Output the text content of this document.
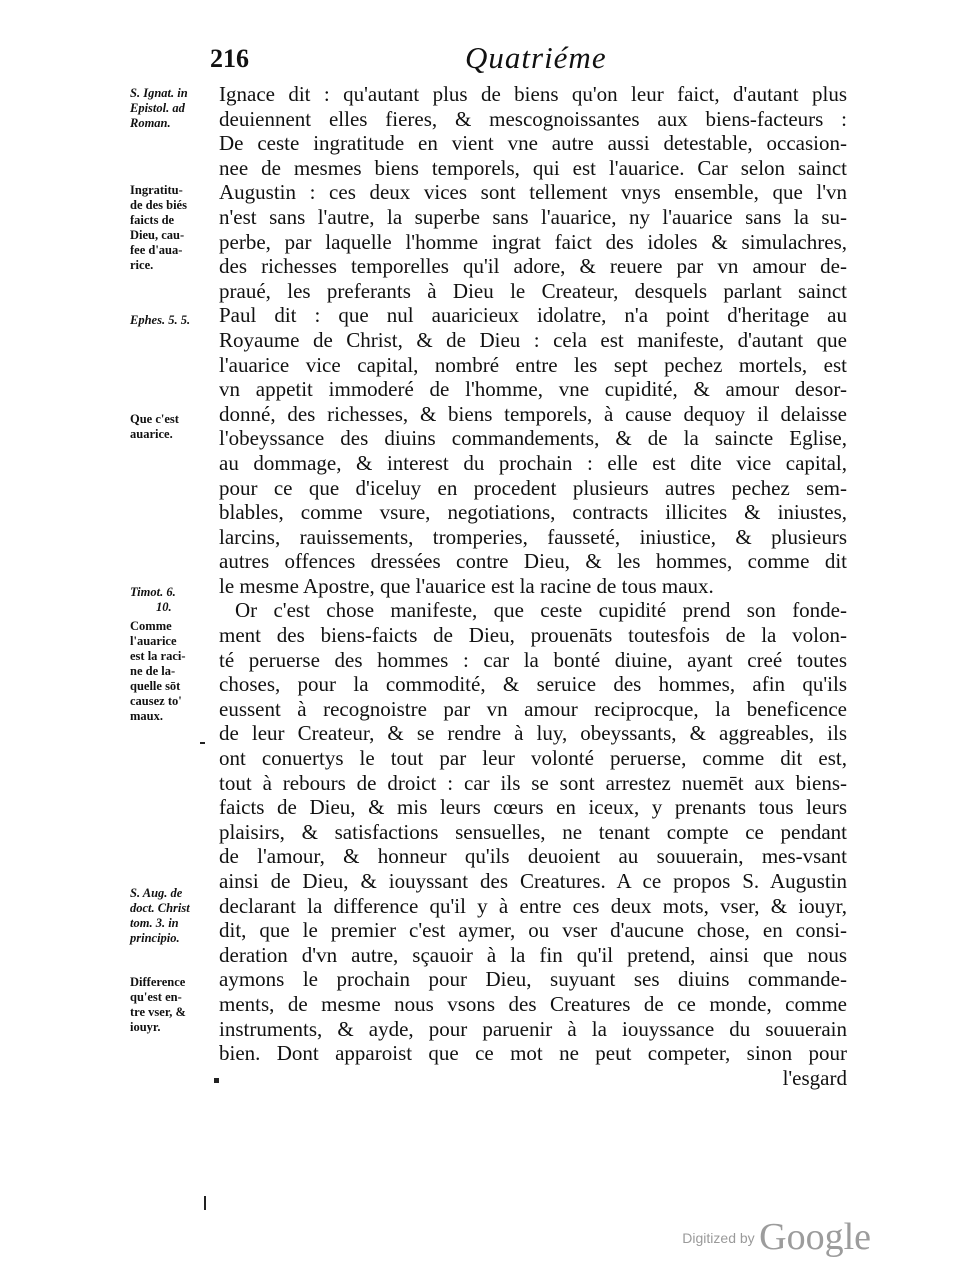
216	Quatriéme
S. Ignat. in
Epistol. ad
Roman.
Ingratitu-
de des biés
faicts de
Dieu, cau-
fee d'aua-
rice.
Ephes. 5. 5.
Que c'est
auarice.
Timot. 6.
10.
Comme
l'auarice
est la raci-
ne de la-
quelle sōt
causez to'
maux.
S. Aug. de
doct. Christ
tom. 3. in
principio.
Difference
qu'est en-
tre vser, &
iouyr.
Ignace dit : qu'autant plus de biens qu'on leur faict, d'autant plus
deuiennent elles fieres, & mescognoissantes aux biens-facteurs :
De ceste ingratitude en vient vne autre aussi detestable, occasion-
nee de mesmes biens temporels, qui est l'auarice. Car selon sainct
Augustin : ces deux vices sont tellement vnys ensemble, que l'vn
n'est sans l'autre, la superbe sans l'auarice, ny l'auarice sans la su-
perbe, par laquelle l'homme ingrat faict des idoles & simulachres,
des richesses temporelles qu'il adore, & reuere par vn amour de-
praué, les preferants à Dieu le Createur, desquels parlant sainct
Paul dit : que nul auaricieux idolatre, n'a point d'heritage au
Royaume de Christ, & de Dieu : cela est manifeste, d'autant que
l'auarice vice capital, nombré entre les sept pechez mortels, est
vn appetit immoderé de l'homme, vne cupidité, & amour desor-
donné, des richesses, & biens temporels, à cause dequoy il delaisse
l'obeyssance des diuins commandements, & de la saincte Eglise,
au dommage, & interest du prochain : elle est dite vice capital,
pour ce que d'iceluy en procedent plusieurs autres pechez sem-
blables, comme vsure, negotiations, contracts illicites & iniustes,
larcins, rauissements, tromperies, fausseté, iniustice, & plusieurs
autres offences dressées contre Dieu, & les hommes, comme dit
le mesme Apostre, que l'auarice est la racine de tous maux.
Or c'est chose manifeste, que ceste cupidité prend son fonde-
ment des biens-faicts de Dieu, prouenāts toutesfois de la volon-
té peruerse des hommes : car la bonté diuine, ayant creé toutes
choses, pour la commodité, & seruice des hommes, afin qu'ils
eussent à recognoistre par vn amour reciprocque, la beneficence
de leur Createur, & se rendre à luy, obeyssants, & aggreables, ils
ont conuertys le tout par leur volonté peruerse, comme dit est,
tout à rebours de droict : car ils se sont arrestez nuemēt aux biens-
faicts de Dieu, & mis leurs cœurs en iceux, y prenants tous leurs
plaisirs, & satisfactions sensuelles, ne tenant compte ce pendant
de l'amour, & honneur qu'ils deuoient au souuerain, mes-vsant
ainsi de Dieu, & iouyssant des Creatures. A ce propos S. Augustin
declarant la difference qu'il y à entre ces deux mots, vser, & iouyr,
dit, que le premier c'est aymer, ou vser d'aucune chose, en consi-
deration d'vn autre, sçauoir à la fin qu'il pretend, ainsi que nous
aymons le prochain pour Dieu, suyuant ses diuins commande-
ments, de mesme nous vsons des Creatures de ce monde, comme
instruments, & ayde, pour paruenir à la iouyssance du souuerain
bien. Dont apparoist que ce mot ne peut competer, sinon pour
l'esgard
Digitized by Google
